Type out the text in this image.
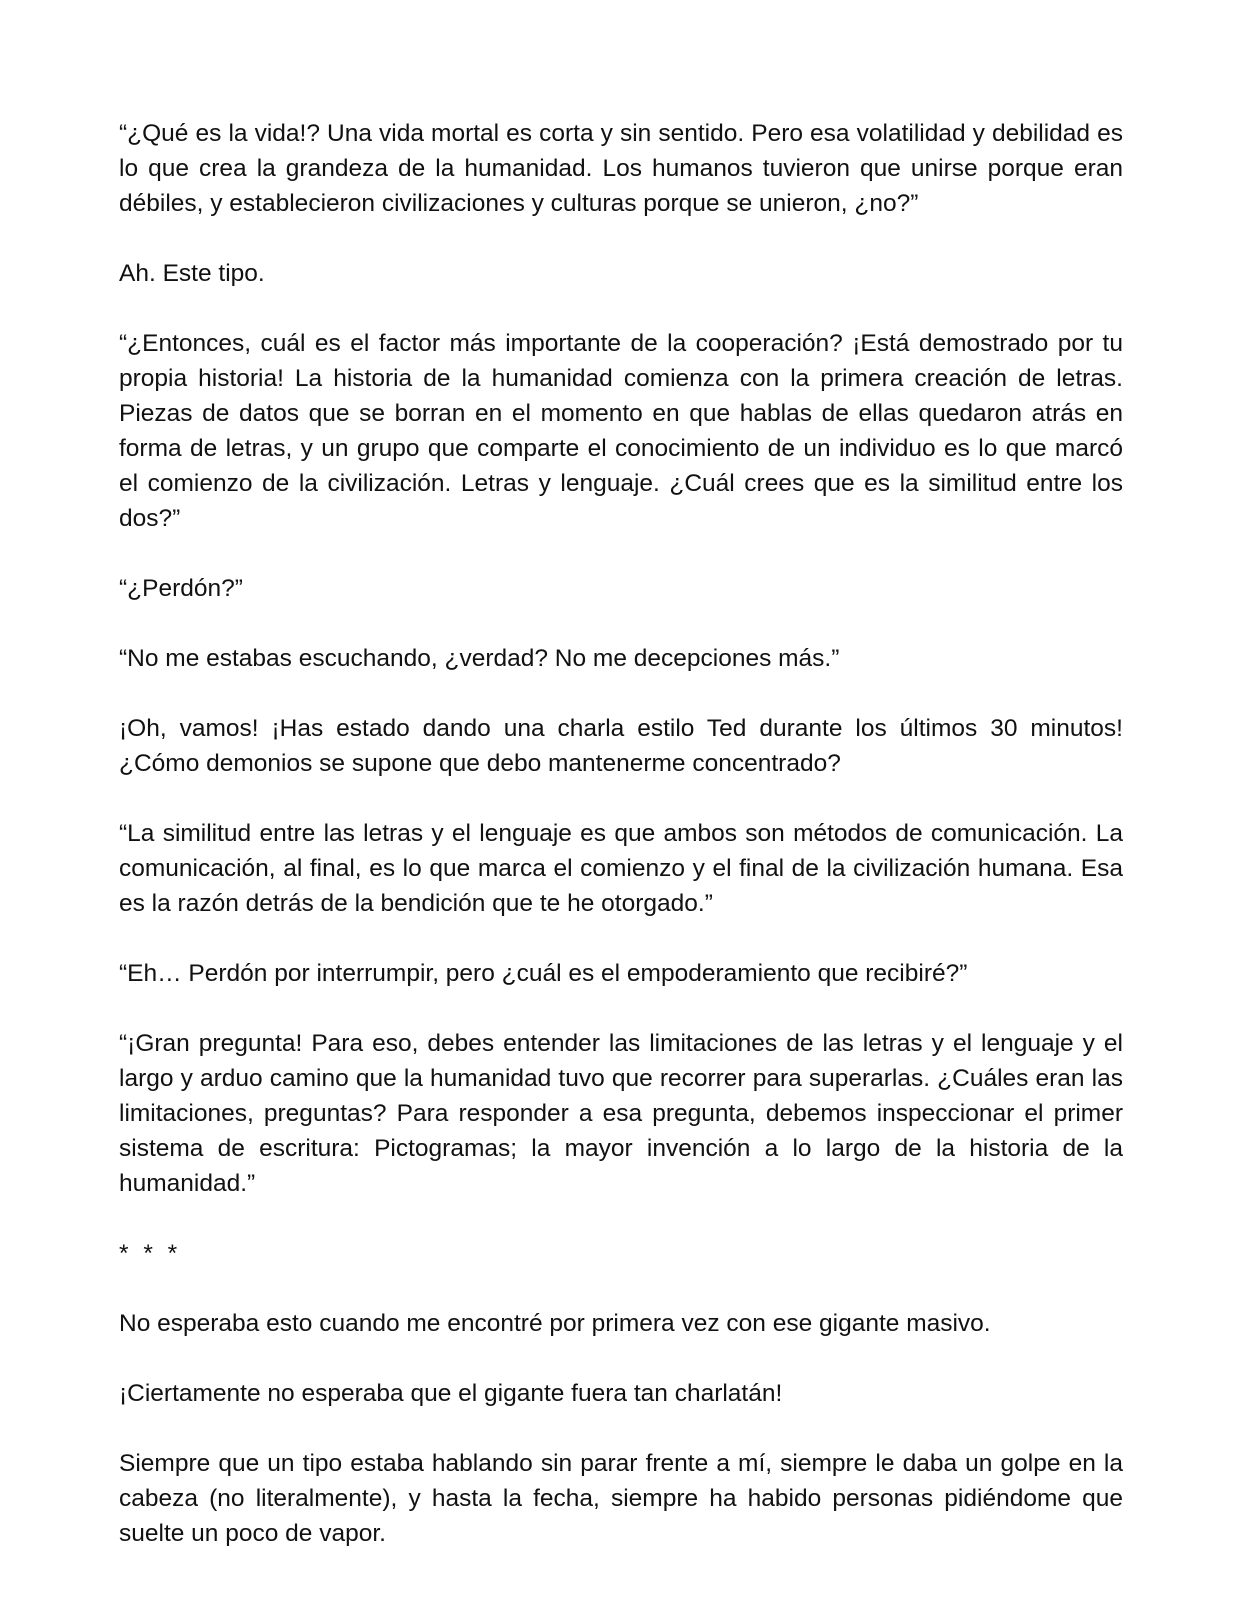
“¿Qué es la vida!? Una vida mortal es corta y sin sentido. Pero esa volatilidad y debilidad es lo que crea la grandeza de la humanidad. Los humanos tuvieron que unirse porque eran débiles, y establecieron civilizaciones y culturas porque se unieron, ¿no?”

Ah. Este tipo.

“¿Entonces, cuál es el factor más importante de la cooperación? ¡Está demostrado por tu propia historia! La historia de la humanidad comienza con la primera creación de letras. Piezas de datos que se borran en el momento en que hablas de ellas quedaron atrás en forma de letras, y un grupo que comparte el conocimiento de un individuo es lo que marcó el comienzo de la civilización. Letras y lenguaje. ¿Cuál crees que es la similitud entre los dos?”

“¿Perdón?”

“No me estabas escuchando, ¿verdad? No me decepciones más.”

¡Oh, vamos! ¡Has estado dando una charla estilo Ted durante los últimos 30 minutos! ¿Cómo demonios se supone que debo mantenerme concentrado?

“La similitud entre las letras y el lenguaje es que ambos son métodos de comunicación. La comunicación, al final, es lo que marca el comienzo y el final de la civilización humana. Esa es la razón detrás de la bendición que te he otorgado.”

“Eh… Perdón por interrumpir, pero ¿cuál es el empoderamiento que recibiré?”

“¡Gran pregunta! Para eso, debes entender las limitaciones de las letras y el lenguaje y el largo y arduo camino que la humanidad tuvo que recorrer para superarlas. ¿Cuáles eran las limitaciones, preguntas? Para responder a esa pregunta, debemos inspeccionar el primer sistema de escritura: Pictogramas; la mayor invención a lo largo de la historia de la humanidad.”

* * *

No esperaba esto cuando me encontré por primera vez con ese gigante masivo.

¡Ciertamente no esperaba que el gigante fuera tan charlatán!

Siempre que un tipo estaba hablando sin parar frente a mí, siempre le daba un golpe en la cabeza (no literalmente), y hasta la fecha, siempre ha habido personas pidiéndome que suelte un poco de vapor.
